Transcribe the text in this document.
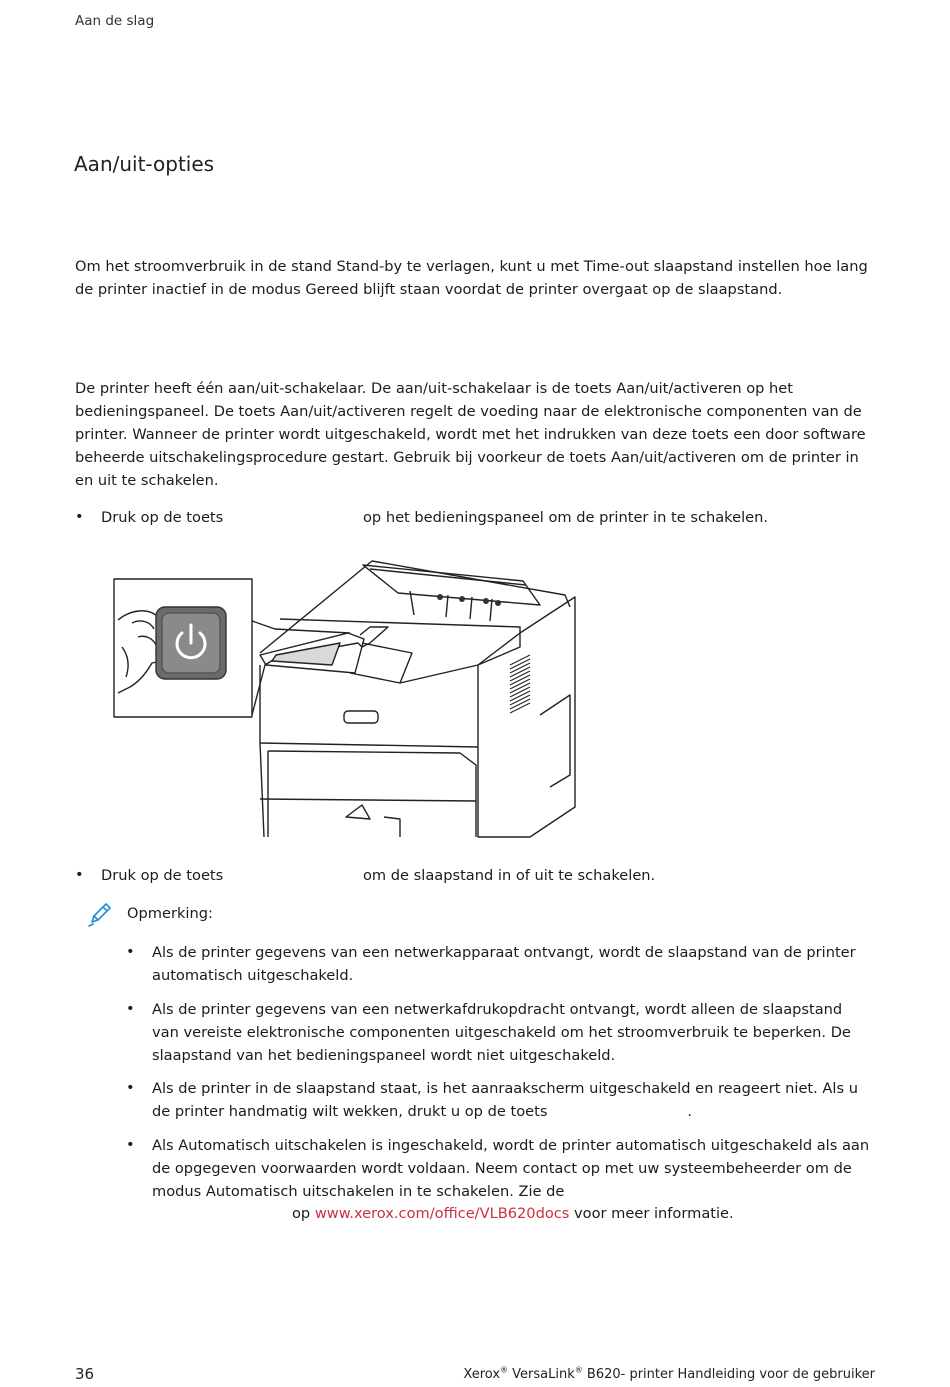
Aan de slag
Aan/uit-opties

Om het stroomverbruik in de stand Stand-by te verlagen, kunt u met Time-out slaapstand instellen hoe lang de printer inactief in de modus Gereed blijft staan voordat de printer overgaat op de slaapstand.

De printer heeft één aan/uit-schakelaar. De aan/uit-schakelaar is de toets Aan/uit/activeren op het bedieningspaneel. De toets Aan/uit/activeren regelt de voeding naar de elektronische componenten van de printer. Wanneer de printer wordt uitgeschakeld, wordt met het indrukken van deze toets een door software beheerde uitschakelingsprocedure gestart. Gebruik bij voorkeur de toets Aan/uit/activeren om de printer in en uit te schakelen.

• Druk op de toets	op het bedieningspaneel om de printer in te schakelen.
• Druk op de toets	om de slaapstand in of uit te schakelen.
Opmerking:
• Als de printer gegevens van een netwerkapparaat ontvangt, wordt de slaapstand van de printer automatisch uitgeschakeld.

• Als de printer gegevens van een netwerkafdrukopdracht ontvangt, wordt alleen de slaapstand van vereiste elektronische componenten uitgeschakeld om het stroomverbruik te beperken. De slaapstand van het bedieningspaneel wordt niet uitgeschakeld.

• Als de printer in de slaapstand staat, is het aanraakscherm uitgeschakeld en reageert niet. Als u de printer handmatig wilt wekken, drukt u op de toets	.

• Als Automatisch uitschakelen is ingeschakeld, wordt de printer automatisch uitgeschakeld als aan de opgegeven voorwaarden wordt voldaan. Neem contact op met uw systeembeheerder om de modus Automatisch uitschakelen in te schakelen. Zie de

op www.xerox.com/office/VLB620docs voor meer informatie.
36	Xerox® VersaLink® B620- printer Handleiding voor de gebruiker
